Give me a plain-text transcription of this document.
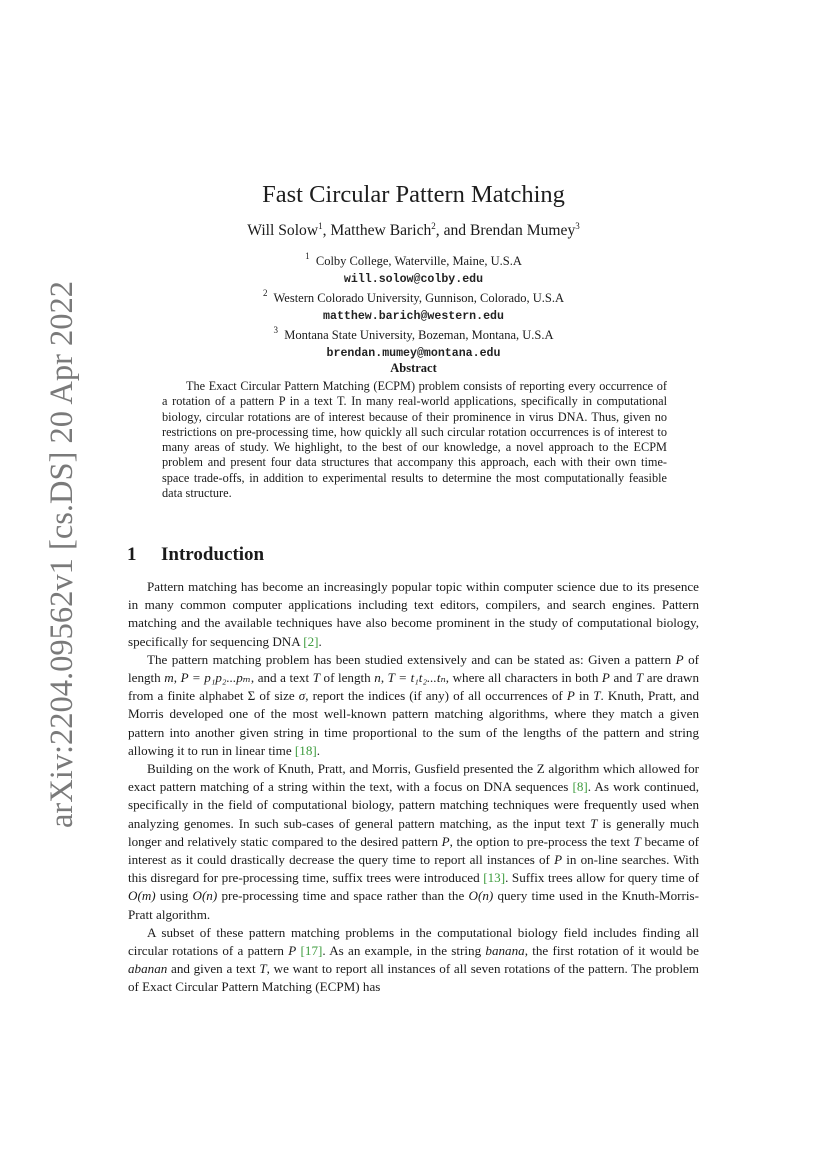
arXiv:2204.09562v1 [cs.DS] 20 Apr 2022
Fast Circular Pattern Matching
Will Solow$^1$, Matthew Barich$^2$, and Brendan Mumey$^3$
$^1$ Colby College, Waterville, Maine, U.S.A
will.solow@colby.edu
$^2$ Western Colorado University, Gunnison, Colorado, U.S.A
matthew.barich@western.edu
$^3$ Montana State University, Bozeman, Montana, U.S.A
brendan.mumey@montana.edu
Abstract
The Exact Circular Pattern Matching (ECPM) problem consists of reporting every occurrence of a rotation of a pattern P in a text T. In many real-world applications, specifically in computational biology, circular rotations are of interest because of their prominence in virus DNA. Thus, given no restrictions on pre-processing time, how quickly all such circular rotation occurrences is of interest to many areas of study. We highlight, to the best of our knowledge, a novel approach to the ECPM problem and present four data structures that accompany this approach, each with their own time-space trade-offs, in addition to experimental results to determine the most computationally feasible data structure.
1 Introduction

Pattern matching has become an increasingly popular topic within computer science due to its presence in many common computer applications including text editors, compilers, and search engines. Pattern matching and the available techniques have also become prominent in the study of computational biology, specifically for sequencing DNA [2].

The pattern matching problem has been studied extensively and can be stated as: Given a pattern P of length m, P = p₁p₂...pₘ, and a text T of length n, T = t₁t₂...tₙ, where all characters in both P and T are drawn from a finite alphabet Σ of size σ, report the indices (if any) of all occurrences of P in T. Knuth, Pratt, and Morris developed one of the most well-known pattern matching algorithms, where they match a given pattern into another given string in time proportional to the sum of the lengths of the pattern and string allowing it to run in linear time [18].

Building on the work of Knuth, Pratt, and Morris, Gusfield presented the Z algorithm which allowed for exact pattern matching of a string within the text, with a focus on DNA sequences [8]. As work continued, specifically in the field of computational biology, pattern matching techniques were frequently used when analyzing genomes. In such sub-cases of general pattern matching, as the input text T is generally much longer and relatively static compared to the desired pattern P, the option to pre-process the text T became of interest as it could drastically decrease the query time to report all instances of P in on-line searches. With this disregard for pre-processing time, suffix trees were introduced [13]. Suffix trees allow for query time of O(m) using O(n) pre-processing time and space rather than the O(n) query time used in the Knuth-Morris-Pratt algorithm.

A subset of these pattern matching problems in the computational biology field includes finding all circular rotations of a pattern P [17]. As an example, in the string banana, the first rotation of it would be abanan and given a text T, we want to report all instances of all seven rotations of the pattern. The problem of Exact Circular Pattern Matching (ECPM) has
